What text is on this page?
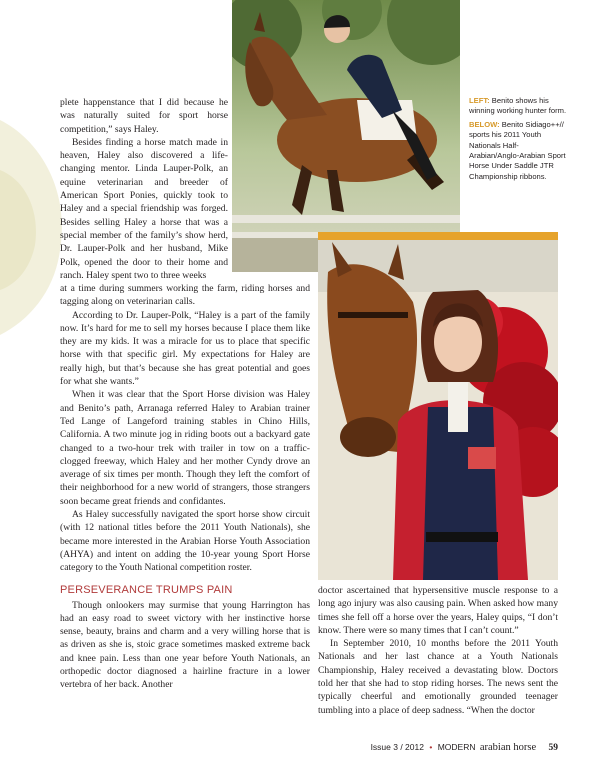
LEFT: Benito shows his winning working hunter form.

BELOW: Benito Sidiago++// sports his 2011 Youth Nationals Half-Arabian/Anglo-Arabian Sport Horse Under Saddle JTR Championship ribbons.

plete happenstance that I did because he was naturally suited for sport horse competition,” says Haley.

Besides finding a horse match made in heaven, Haley also discovered a life-changing mentor. Linda Lauper-Polk, an equine veterinarian and breeder of American Sport Ponies, quickly took to Haley and a special friendship was forged. Besides selling Haley a horse that was a special member of the family’s show herd, Dr. Lauper-Polk and her husband, Mike Polk, opened the door to their home and ranch. Haley spent two to three weeks

at a time during summers working the farm, riding horses and tagging along on veterinarian calls.

According to Dr. Lauper-Polk, “Haley is a part of the family now. It’s hard for me to sell my horses because I place them like they are my kids. It was a miracle for us to place that specific horse with that specific girl. My expectations for Haley are really high, but that’s because she has great potential and goes for what she wants.”

When it was clear that the Sport Horse division was Haley and Benito’s path, Arranaga referred Haley to Arabian trainer Ted Lange of Langeford training stables in Chino Hills, California. A two minute jog in riding boots out a backyard gate changed to a two-hour trek with trailer in tow on a traffic-clogged freeway, which Haley and her mother Cyndy drove an average of six times per month. Though they left the comfort of their neighborhood for a new world of strangers, those strangers soon became great friends and confidantes.

As Haley successfully navigated the sport horse show circuit (with 12 national titles before the 2011 Youth Nationals), she became more interested in the Arabian Horse Youth Association (AHYA) and intent on adding the 10-year young Sport Horse category to the Youth National competition roster.

PERSEVERANCE TRUMPS PAIN

Though onlookers may surmise that young Harrington has had an easy road to sweet victory with her instinctive horse sense, beauty, brains and charm and a very willing horse that is as driven as she is, stoic grace sometimes masked extreme back and knee pain. Less than one year before Youth Nationals, an orthopedic doctor diagnosed a hairline fracture in a lower vertebra of her back. Another

doctor ascertained that hypersensitive muscle response to a long ago injury was also causing pain. When asked how many times she fell off a horse over the years, Haley quips, “I don’t know. There were so many times that I can’t count.”

In September 2010, 10 months before the 2011 Youth Nationals and her last chance at a Youth Nationals Championship, Haley received a devastating blow. Doctors told her that she had to stop riding horses. The news sent the typically cheerful and emotionally grounded teenager tumbling into a place of deep sadness. “When the doctor

Issue 3 / 2012 • MODERN arabian horse 59
